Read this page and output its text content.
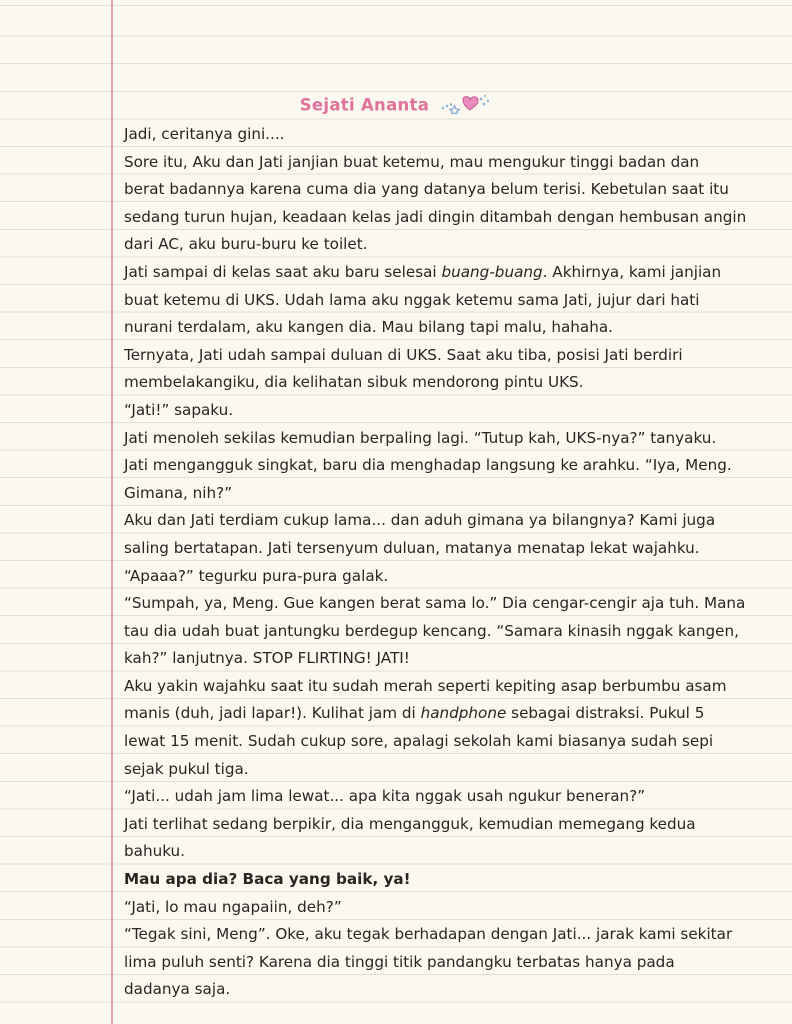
Sejati Ananta
Jadi, ceritanya gini....
Sore itu, Aku dan Jati janjian buat ketemu, mau mengukur tinggi badan dan
berat badannya karena cuma dia yang datanya belum terisi. Kebetulan saat itu
sedang turun hujan, keadaan kelas jadi dingin ditambah dengan hembusan angin
dari AC, aku buru-buru ke toilet.
Jati sampai di kelas saat aku baru selesai buang-buang. Akhirnya, kami janjian
buat ketemu di UKS. Udah lama aku nggak ketemu sama Jati, jujur dari hati
nurani terdalam, aku kangen dia. Mau bilang tapi malu, hahaha.
Ternyata, Jati udah sampai duluan di UKS. Saat aku tiba, posisi Jati berdiri
membelakangiku, dia kelihatan sibuk mendorong pintu UKS.
“Jati!” sapaku.
Jati menoleh sekilas kemudian berpaling lagi. “Tutup kah, UKS-nya?” tanyaku.
Jati mengangguk singkat, baru dia menghadap langsung ke arahku. “Iya, Meng.
Gimana, nih?”
Aku dan Jati terdiam cukup lama... dan aduh gimana ya bilangnya? Kami juga
saling bertatapan. Jati tersenyum duluan, matanya menatap lekat wajahku.
“Apaaa?” tegurku pura-pura galak.
“Sumpah, ya, Meng. Gue kangen berat sama lo.” Dia cengar-cengir aja tuh. Mana
tau dia udah buat jantungku berdegup kencang. “Samara kinasih nggak kangen,
kah?” lanjutnya. STOP FLIRTING! JATI!
Aku yakin wajahku saat itu sudah merah seperti kepiting asap berbumbu asam
manis (duh, jadi lapar!). Kulihat jam di handphone sebagai distraksi. Pukul 5
lewat 15 menit. Sudah cukup sore, apalagi sekolah kami biasanya sudah sepi
sejak pukul tiga.
“Jati... udah jam lima lewat... apa kita nggak usah ngukur beneran?”
Jati terlihat sedang berpikir, dia mengangguk, kemudian memegang kedua
bahuku.
Mau apa dia? Baca yang baik, ya!
“Jati, lo mau ngapaiin, deh?”
“Tegak sini, Meng”. Oke, aku tegak berhadapan dengan Jati... jarak kami sekitar
lima puluh senti? Karena dia tinggi titik pandangku terbatas hanya pada
dadanya saja.
